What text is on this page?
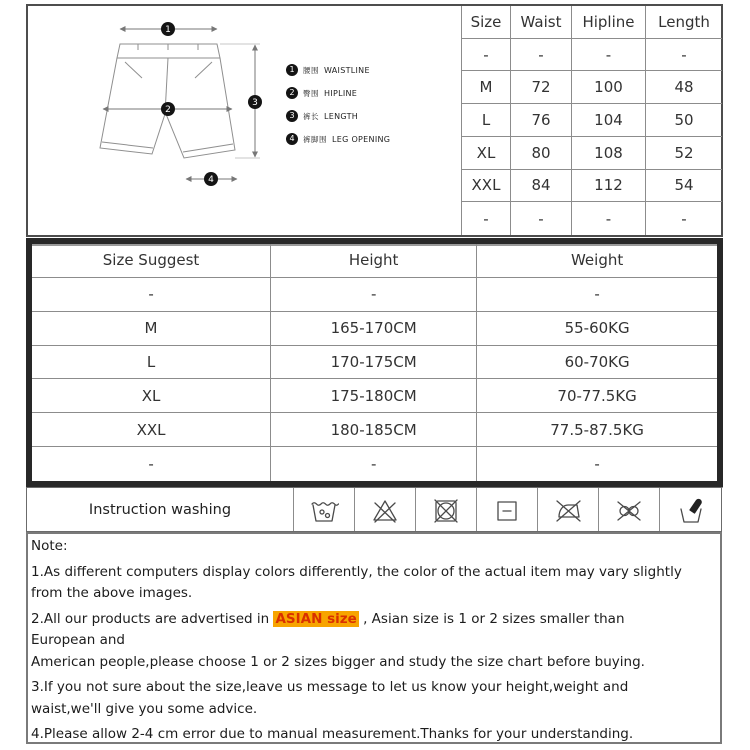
1
2
3
4
1	腰围 WAISTLINE
2	臀围 HIPLINE
3	裤长 LENGTH
4	裤脚围 LEG OPENING
Size	Waist	Hipline	Length
-	-	-	-
M	72	100	48
L	76	104	50
XL	80	108	52
XXL	84	112	54
-	-	-	-
Size Suggest	Height	Weight
-	-	-
M	165-170CM	55-60KG
L	170-175CM	60-70KG
XL	175-180CM	70-77.5KG
XXL	180-185CM	77.5-87.5KG
-	-	-
Instruction washing

Note:

1.As different computers display colors differently, the color of the actual item may vary slightly
from the above images.

2.All our products are advertised in ASIAN size , Asian size is 1 or 2 sizes smaller than
European and
American people,please choose 1 or 2 sizes bigger and study the size chart before buying.

3.If you not sure about the size,leave us message to let us know your height,weight and
waist,we'll give you some advice.

4.Please allow 2-4 cm error due to manual measurement.Thanks for your understanding.
